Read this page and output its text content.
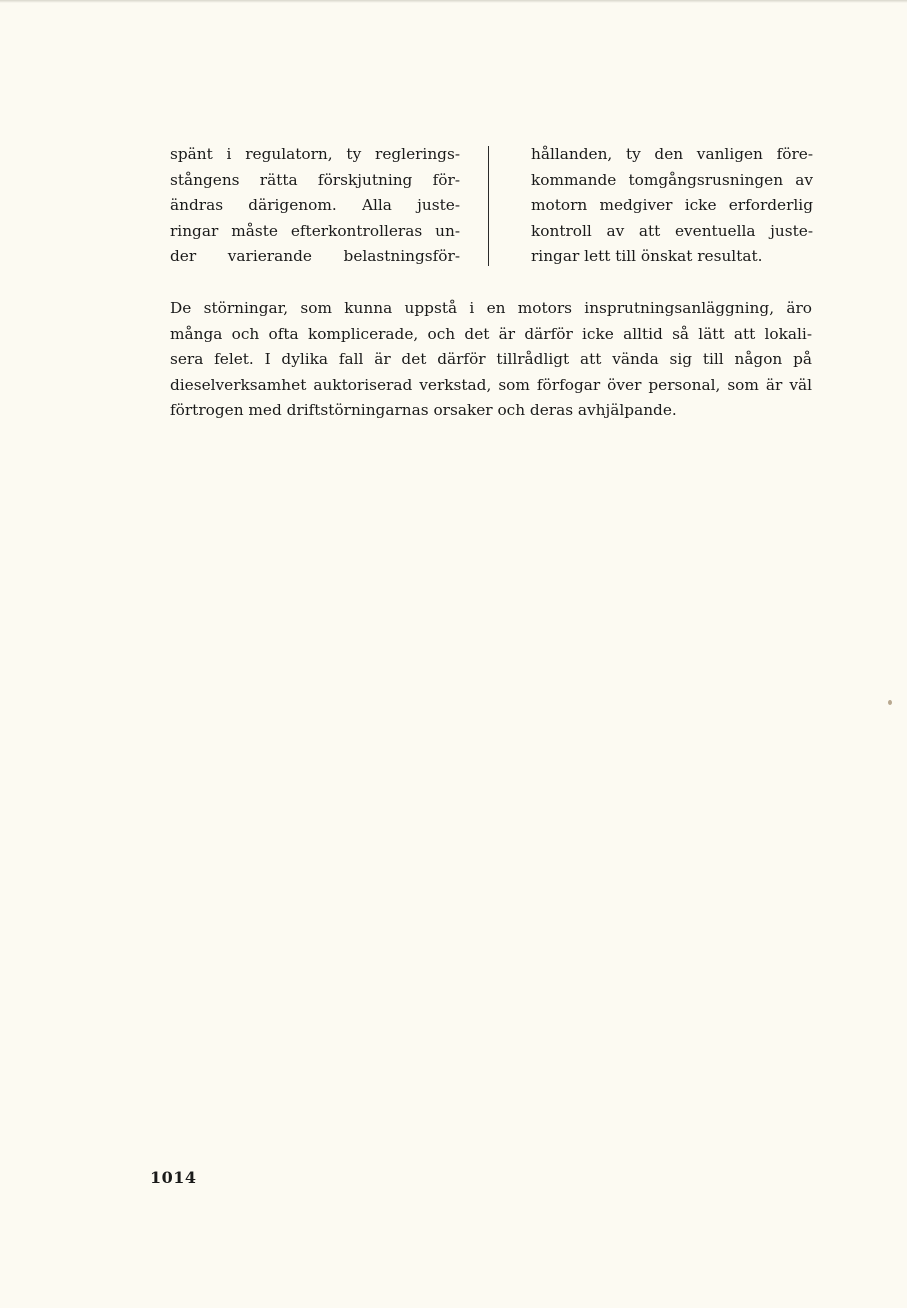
spänt i regulatorn, ty reglerings-
stångens rätta förskjutning för-
ändras därigenom. Alla juste-
ringar måste efterkontrolleras un-
der varierande belastningsför-
hållanden, ty den vanligen före-
kommande tomgångsrusningen av
motorn medgiver icke erforderlig
kontroll av att eventuella juste-
ringar lett till önskat resultat.
De störningar, som kunna uppstå i en motors insprutningsanläggning, äro
många och ofta komplicerade, och det är därför icke alltid så lätt att lokali-
sera felet. I dylika fall är det därför tillrådligt att vända sig till någon på
dieselverksamhet auktoriserad verkstad, som förfogar över personal, som är väl
förtrogen med driftstörningarnas orsaker och deras avhjälpande.
1014
